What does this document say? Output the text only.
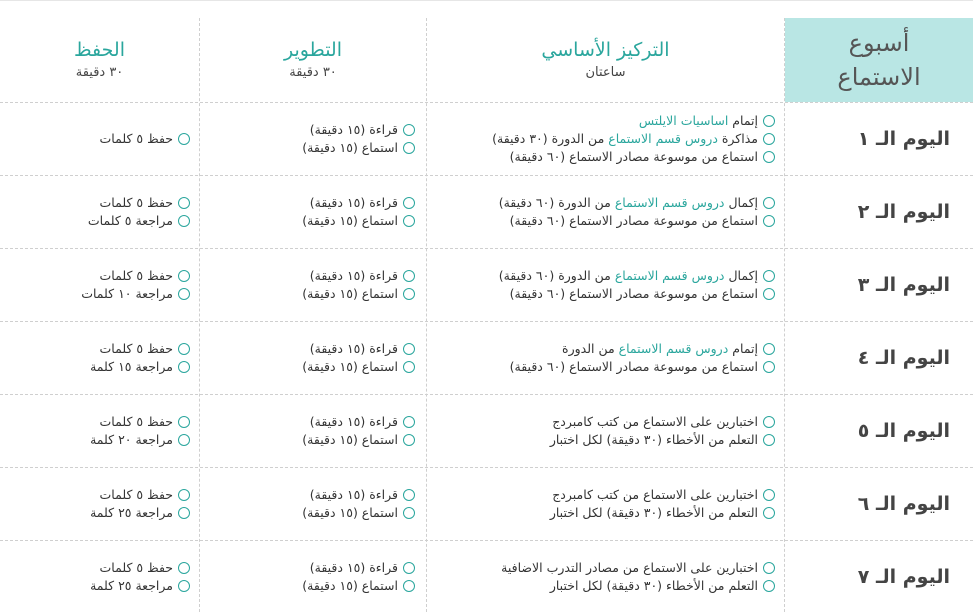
أسبوع
الاستماع
التركيز الأساسي
ساعتان
التطوير
٣٠ دقيقة
الحفظ
٣٠ دقيقة
اليوم الـ ١
إتمام اساسيات الايلتس
مذاكرة دروس قسم الاستماع من الدورة (٣٠ دقيقة)
استماع من موسوعة مصادر الاستماع (٦٠ دقيقة)
قراءة (١٥ دقيقة)
استماع (١٥ دقيقة)
حفظ ٥ كلمات
اليوم الـ ٢
إكمال دروس قسم الاستماع من الدورة (٦٠ دقيقة)
استماع من موسوعة مصادر الاستماع (٦٠ دقيقة)
قراءة (١٥ دقيقة)
استماع (١٥ دقيقة)
حفظ ٥ كلمات
مراجعة ٥ كلمات
اليوم الـ ٣
إكمال دروس قسم الاستماع من الدورة (٦٠ دقيقة)
استماع من موسوعة مصادر الاستماع (٦٠ دقيقة)
قراءة (١٥ دقيقة)
استماع (١٥ دقيقة)
حفظ ٥ كلمات
مراجعة ١٠ كلمات
اليوم الـ ٤
إتمام دروس قسم الاستماع من الدورة
استماع من موسوعة مصادر الاستماع (٦٠ دقيقة)
قراءة (١٥ دقيقة)
استماع (١٥ دقيقة)
حفظ ٥ كلمات
مراجعة ١٥ كلمة
اليوم الـ ٥
اختبارين على الاستماع من كتب كامبردج
التعلم من الأخطاء (٣٠ دقيقة) لكل اختبار
قراءة (١٥ دقيقة)
استماع (١٥ دقيقة)
حفظ ٥ كلمات
مراجعة ٢٠ كلمة
اليوم الـ ٦
اختبارين على الاستماع من كتب كامبردج
التعلم من الأخطاء (٣٠ دقيقة) لكل اختبار
قراءة (١٥ دقيقة)
استماع (١٥ دقيقة)
حفظ ٥ كلمات
مراجعة ٢٥ كلمة
اليوم الـ ٧
اختبارين على الاستماع من مصادر التدرب الاضافية
التعلم من الأخطاء (٣٠ دقيقة) لكل اختبار
قراءة (١٥ دقيقة)
استماع (١٥ دقيقة)
حفظ ٥ كلمات
مراجعة ٢٥ كلمة
